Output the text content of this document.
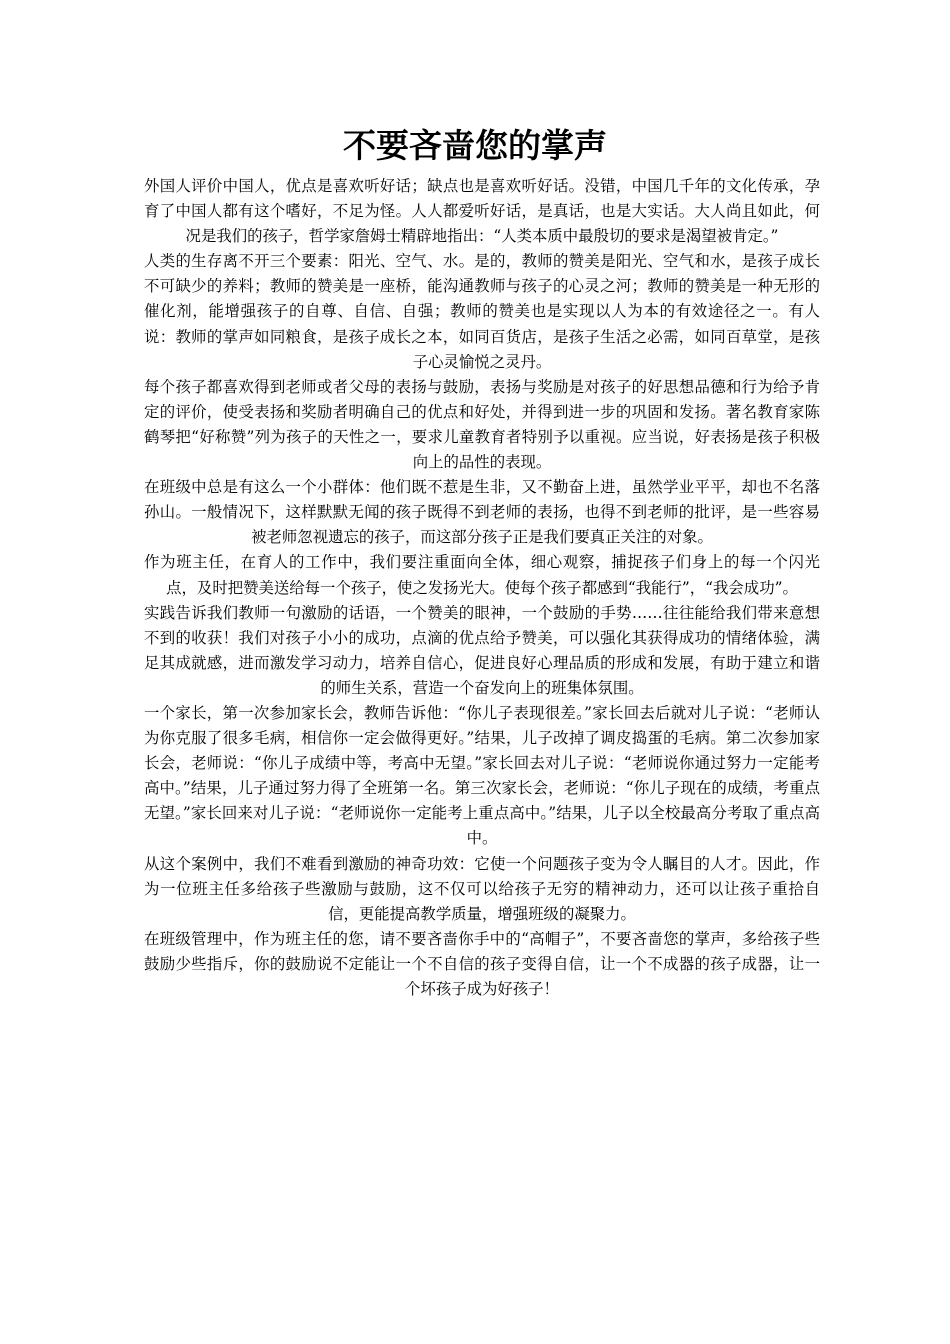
不要吝啬您的掌声

外国人评价中国人，优点是喜欢听好话；缺点也是喜欢听好话。没错，中国几千年的文化传承，孕育了中国人都有这个嗜好，不足为怪。人人都爱听好话，是真话，也是大实话。大人尚且如此，何况是我们的孩子，哲学家詹姆士精辟地指出：“人类本质中最殷切的要求是渴望被肯定。”

人类的生存离不开三个要素：阳光、空气、水。是的，教师的赞美是阳光、空气和水，是孩子成长不可缺少的养料；教师的赞美是一座桥，能沟通教师与孩子的心灵之河；教师的赞美是一种无形的催化剂，能增强孩子的自尊、自信、自强；教师的赞美也是实现以人为本的有效途径之一。有人说：教师的掌声如同粮食，是孩子成长之本，如同百货店，是孩子生活之必需，如同百草堂，是孩子心灵愉悦之灵丹。

每个孩子都喜欢得到老师或者父母的表扬与鼓励，表扬与奖励是对孩子的好思想品德和行为给予肯定的评价，使受表扬和奖励者明确自己的优点和好处，并得到进一步的巩固和发扬。著名教育家陈鹤琴把“好称赞”列为孩子的天性之一，要求儿童教育者特别予以重视。应当说，好表扬是孩子积极向上的品性的表现。

在班级中总是有这么一个小群体：他们既不惹是生非，又不勤奋上进，虽然学业平平，却也不名落孙山。一般情况下，这样默默无闻的孩子既得不到老师的表扬，也得不到老师的批评，是一些容易被老师忽视遗忘的孩子，而这部分孩子正是我们要真正关注的对象。

作为班主任，在育人的工作中，我们要注重面向全体，细心观察，捕捉孩子们身上的每一个闪光点，及时把赞美送给每一个孩子，使之发扬光大。使每个孩子都感到“我能行”，“我会成功”。

实践告诉我们教师一句激励的话语，一个赞美的眼神，一个鼓励的手势……往往能给我们带来意想不到的收获！我们对孩子小小的成功，点滴的优点给予赞美，可以强化其获得成功的情绪体验，满足其成就感，进而激发学习动力，培养自信心，促进良好心理品质的形成和发展，有助于建立和谐的师生关系，营造一个奋发向上的班集体氛围。

一个家长，第一次参加家长会，教师告诉他：“你儿子表现很差。”家长回去后就对儿子说：“老师认为你克服了很多毛病，相信你一定会做得更好。”结果，儿子改掉了调皮捣蛋的毛病。第二次参加家长会，老师说：“你儿子成绩中等，考高中无望。”家长回去对儿子说：“老师说你通过努力一定能考高中。”结果，儿子通过努力得了全班第一名。第三次家长会，老师说：“你儿子现在的成绩，考重点无望。”家长回来对儿子说：“老师说你一定能考上重点高中。”结果，儿子以全校最高分考取了重点高中。

从这个案例中，我们不难看到激励的神奇功效：它使一个问题孩子变为令人瞩目的人才。因此，作为一位班主任多给孩子些激励与鼓励，这不仅可以给孩子无穷的精神动力，还可以让孩子重拾自信，更能提高教学质量，增强班级的凝聚力。

在班级管理中，作为班主任的您，请不要吝啬你手中的“高帽子”，不要吝啬您的掌声，多给孩子些鼓励少些指斥，你的鼓励说不定能让一个不自信的孩子变得自信，让一个不成器的孩子成器，让一个坏孩子成为好孩子！
